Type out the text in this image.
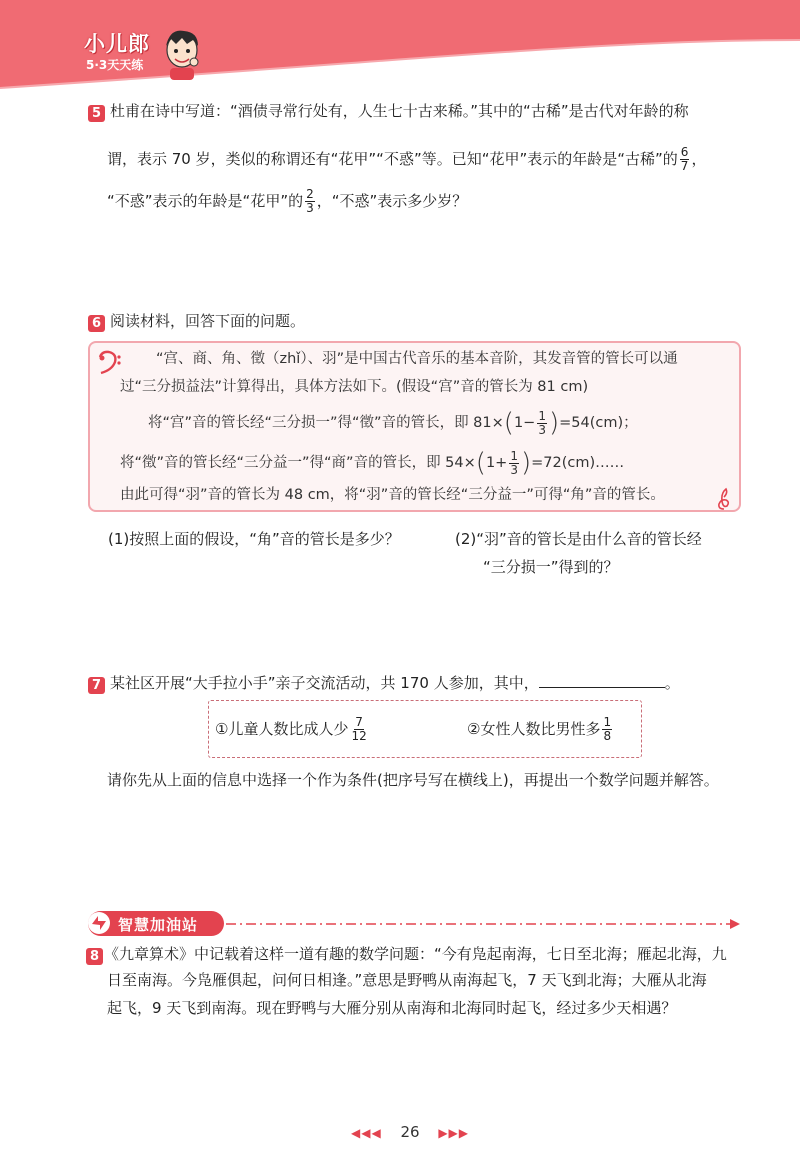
小儿郎
5·3天天练
5 杜甫在诗中写道：“酒债寻常行处有，人生七十古来稀。”其中的“古稀”是古代对年龄的称
谓，表示 70 岁，类似的称谓还有“花甲”“不惑”等。已知“花甲”表示的年龄是“古稀”的 $\frac{6}{7}$ ，
“不惑”表示的年龄是“花甲”的 $\frac{2}{3}$ ，“不惑”表示多少岁？
6 阅读材料，回答下面的问题。
“宫、商、角、徵（zhǐ）、羽”是中国古代音乐的基本音阶，其发音管的管长可以通
过“三分损益法”计算得出，具体方法如下。(假设“宫”音的管长为 81 cm)
将“宫”音的管长经“三分损一”得“徵”音的管长，即 81× ( $1- \frac{1}{3}$ ) =54(cm)；
将“徵”音的管长经“三分益一”得“商”音的管长，即 54× ( $1+ \frac{1}{3}$ ) =72(cm)……
由此可得“羽”音的管长为 48 cm，将“羽”音的管长经“三分益一”可得“角”音的管长。
(1)按照上面的假设，“角”音的管长是多少？	(2)“羽”音的管长是由什么音的管长经
“三分损一”得到的？
7 某社区开展“大手拉小手”亲子交流活动，共 170 人参加，其中，	。
①儿童人数比成人少 $\frac{7}{12}$	②女性人数比男性多 $\frac{1}{8}$
请你先从上面的信息中选择一个作为条件(把序号写在横线上)，再提出一个数学问题并解答。
智慧加油站
8 《九章算术》中记载着这样一道有趣的数学问题：“今有凫起南海，七日至北海；雁起北海，九
日至南海。今凫雁俱起，问何日相逢。”意思是野鸭从南海起飞，7 天飞到北海；大雁从北海
起飞，9 天飞到南海。现在野鸭与大雁分别从南海和北海同时起飞，经过多少天相遇？
◀◀◀ 26 ▶▶▶
